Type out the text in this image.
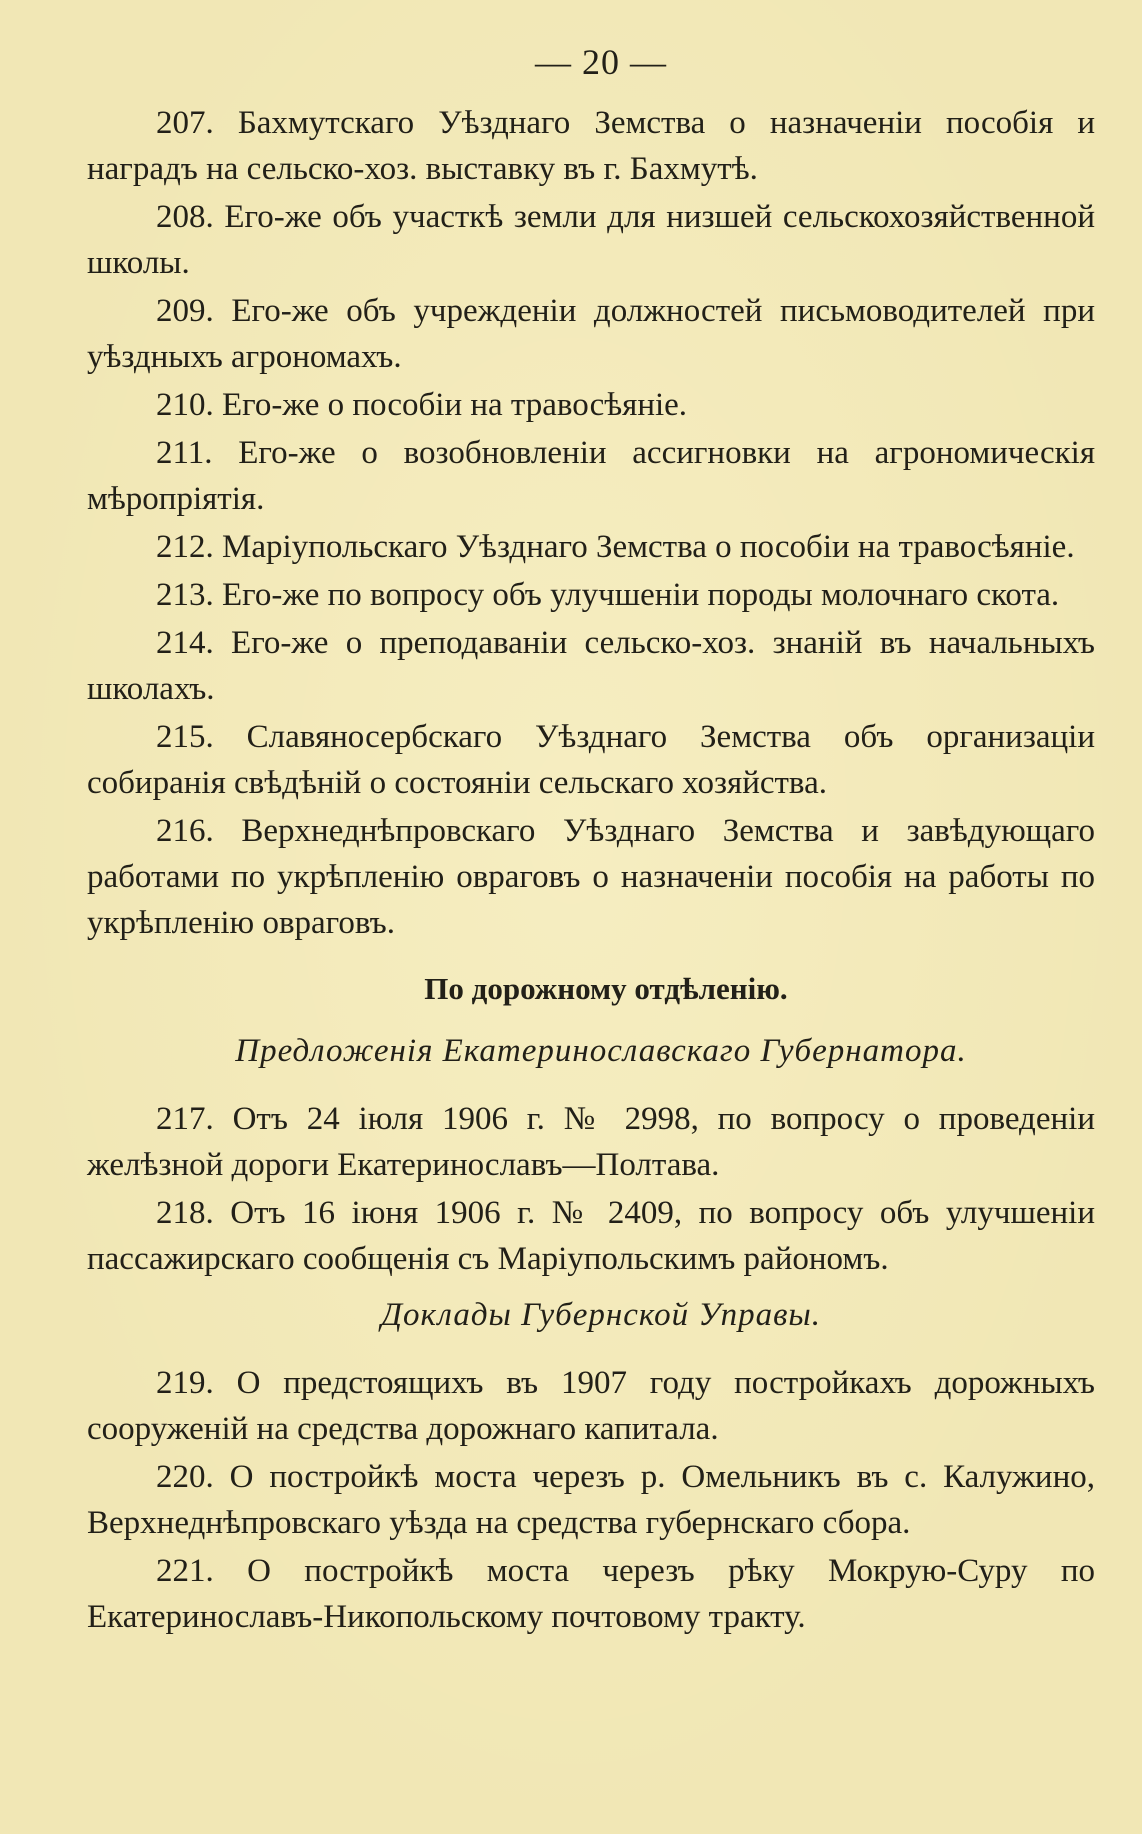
— 20 —

207. Бахмутскаго Уѣзднаго Земства о назначеніи пособія и наградъ на сельско-хоз. выставку въ г. Бахмутѣ.

208. Его-же объ участкѣ земли для низшей сельскохозяйственной школы.

209. Его-же объ учрежденіи должностей письмоводителей при уѣздныхъ агрономахъ.

210. Его-же о пособіи на травосѣяніе.

211. Его-же о возобновленіи ассигновки на агрономическія мѣропріятія.

212. Маріупольскаго Уѣзднаго Земства о пособіи на травосѣяніе.

213. Его-же по вопросу объ улучшеніи породы молочнаго скота.

214. Его-же о преподаваніи сельско-хоз. знаній въ начальныхъ школахъ.

215. Славяносербскаго Уѣзднаго Земства объ организаціи собиранія свѣдѣній о состояніи сельскаго хозяйства.

216. Верхнеднѣпровскаго Уѣзднаго Земства и завѣдующаго работами по укрѣпленію овраговъ о назначеніи пособія на работы по укрѣпленію овраговъ.

По дорожному отдѣленію.
Предложенія Екатеринославскаго Губернатора.

217. Отъ 24 іюля 1906 г. № 2998, по вопросу о проведеніи желѣзной дороги Екатеринославъ—Полтава.

218. Отъ 16 іюня 1906 г. № 2409, по вопросу объ улучшеніи пассажирскаго сообщенія съ Маріупольскимъ райономъ.

Доклады Губернской Управы.

219. О предстоящихъ въ 1907 году постройкахъ дорожныхъ сооруженій на средства дорожнаго капитала.

220. О постройкѣ моста черезъ р. Омельникъ въ с. Калужино, Верхнеднѣпровскаго уѣзда на средства губернскаго сбора.

221. О постройкѣ моста черезъ рѣку Мокрую-Суру по Екатеринославъ-Никопольскому почтовому тракту.
